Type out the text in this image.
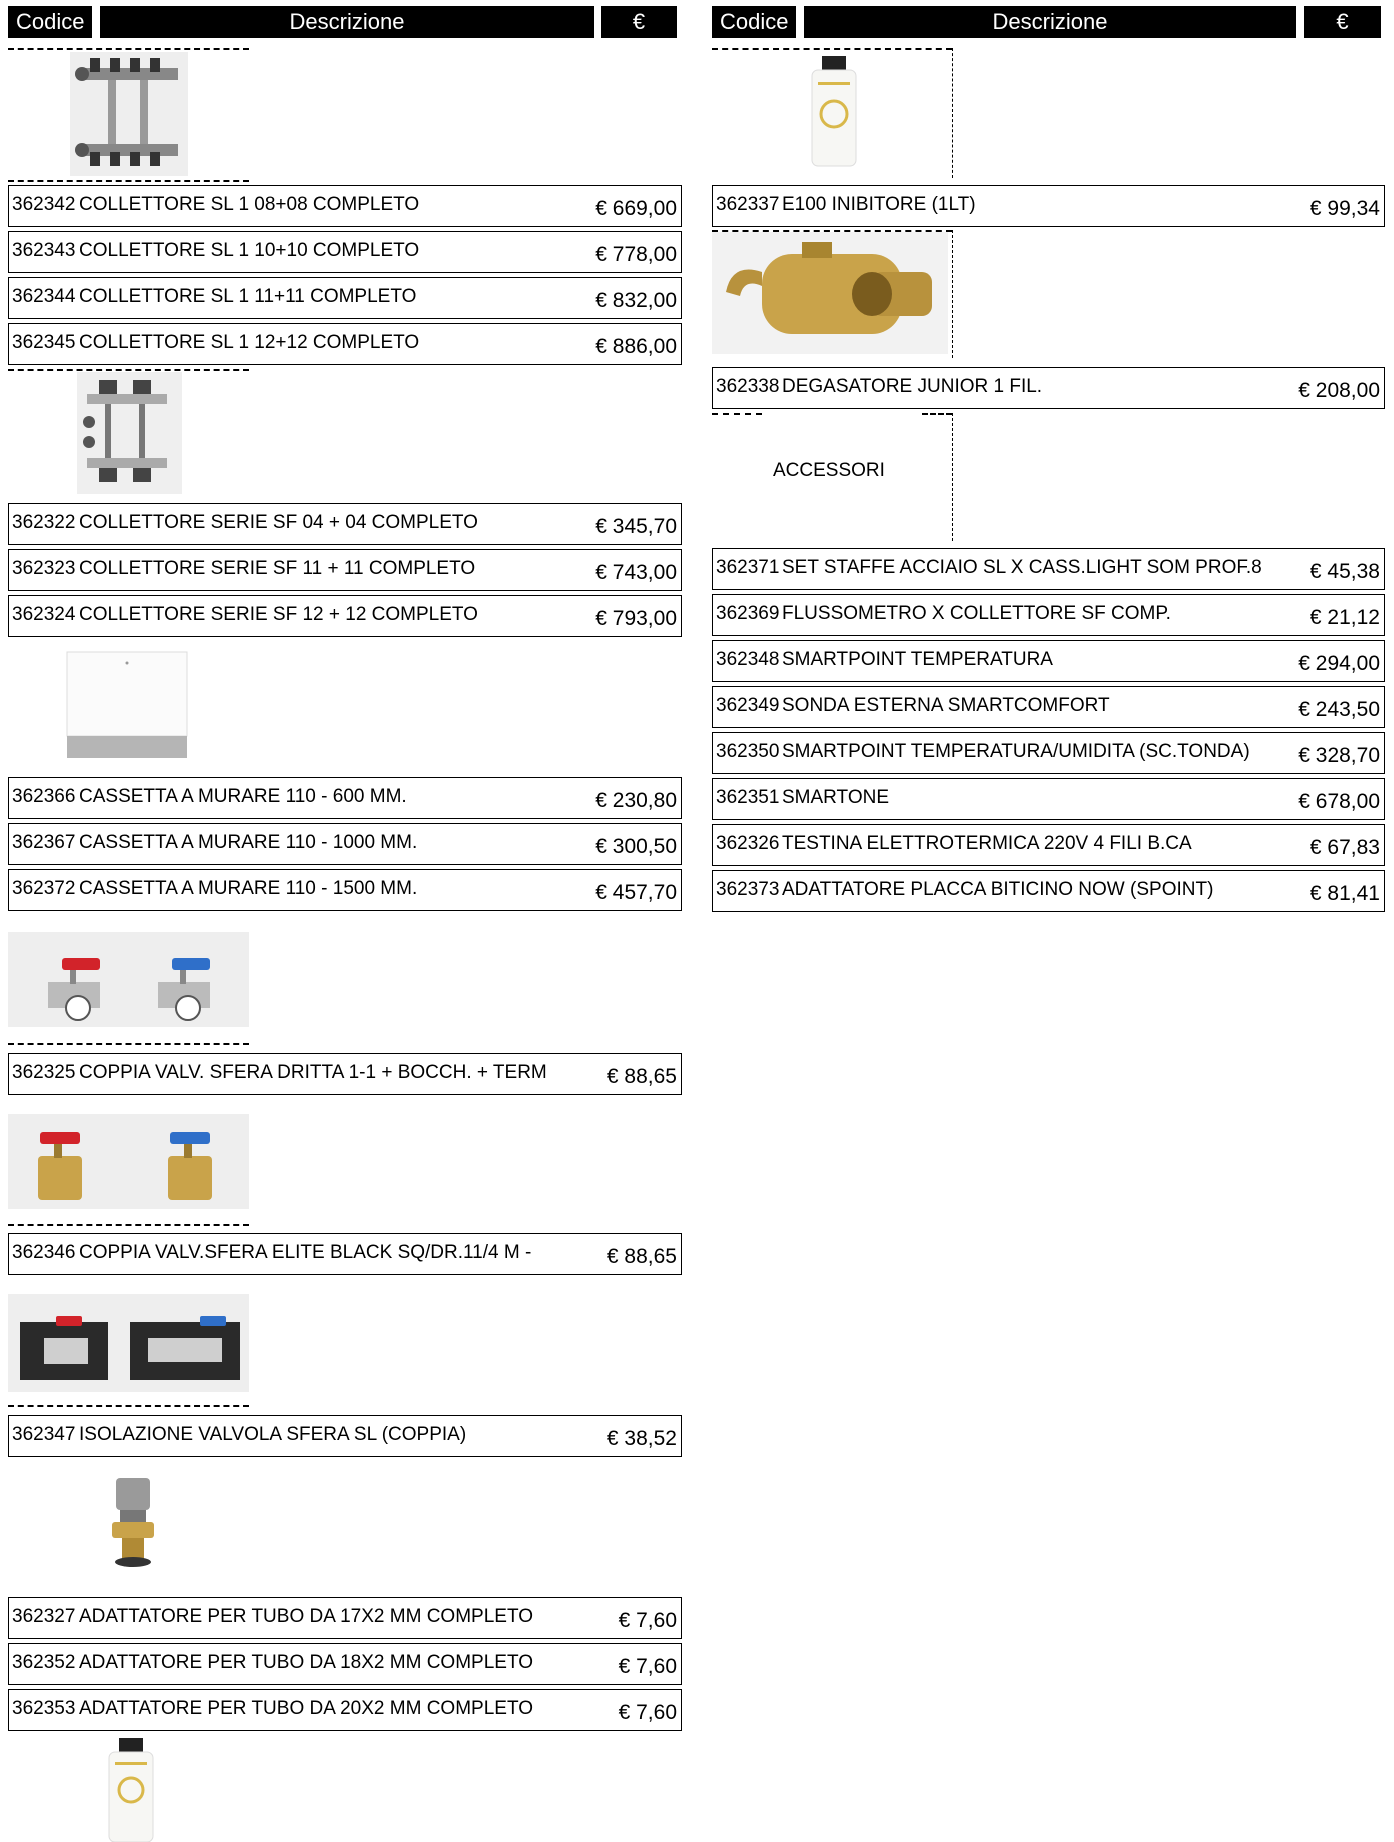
Codice	Descrizione	€
362342 COLLETTORE SL 1 08+08 COMPLETO	€ 669,00
362343 COLLETTORE SL 1 10+10 COMPLETO	€ 778,00
362344 COLLETTORE SL 1 11+11 COMPLETO	€ 832,00
362345 COLLETTORE SL 1 12+12 COMPLETO	€ 886,00
362322 COLLETTORE SERIE SF 04 + 04 COMPLETO	€ 345,70
362323 COLLETTORE SERIE SF 11 + 11 COMPLETO	€ 743,00
362324 COLLETTORE SERIE SF 12 + 12 COMPLETO	€ 793,00
362366 CASSETTA A MURARE 110 - 600 MM.	€ 230,80
362367 CASSETTA A MURARE 110 - 1000 MM.	€ 300,50
362372 CASSETTA A MURARE 110 - 1500 MM.	€ 457,70
362325 COPPIA VALV. SFERA DRITTA 1-1 + BOCCH. + TERM	€ 88,65
362346 COPPIA VALV.SFERA ELITE BLACK SQ/DR.11/4 M -	€ 88,65
362347 ISOLAZIONE VALVOLA SFERA SL (COPPIA)	€ 38,52
362327 ADATTATORE PER TUBO DA 17X2 MM COMPLETO	€ 7,60
362352 ADATTATORE PER TUBO DA 18X2 MM COMPLETO	€ 7,60
362353 ADATTATORE PER TUBO DA 20X2 MM COMPLETO	€ 7,60
Codice	Descrizione	€
362337 E100 INIBITORE (1LT)	€ 99,34
362338 DEGASATORE JUNIOR 1 FIL.	€ 208,00
ACCESSORI
362371 SET STAFFE ACCIAIO SL X CASS.LIGHT SOM PROF.8 € 45,38
362369 FLUSSOMETRO X COLLETTORE SF COMP.	€ 21,12
362348 SMARTPOINT TEMPERATURA	€ 294,00
362349 SONDA ESTERNA SMARTCOMFORT	€ 243,50
362350 SMARTPOINT TEMPERATURA/UMIDITA (SC.TONDA) € 328,70
362351 SMARTONE	€ 678,00
362326 TESTINA ELETTROTERMICA 220V 4 FILI B.CA	€ 67,83
362373 ADATTATORE PLACCA BITICINO NOW (SPOINT)	€ 81,41
